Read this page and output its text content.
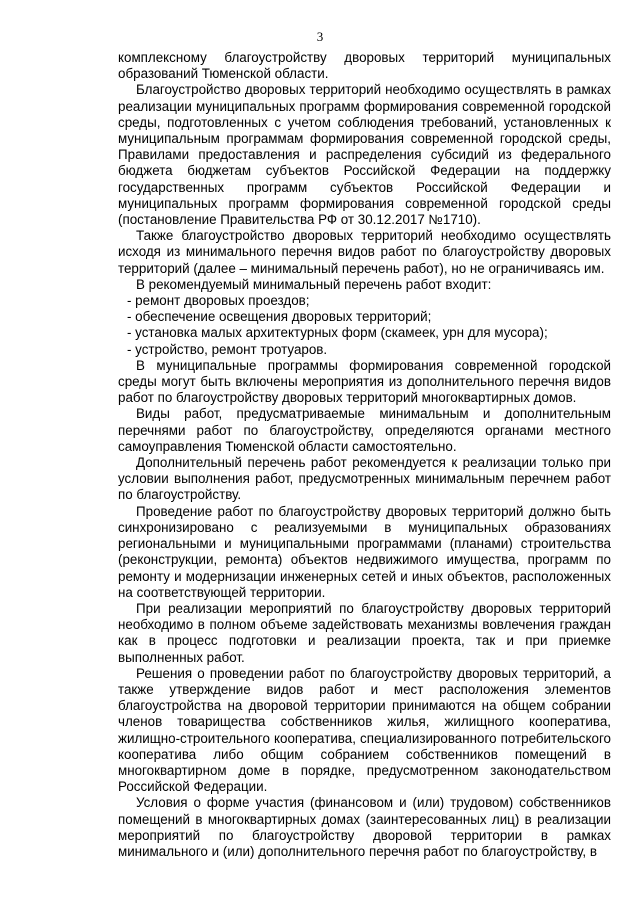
3

комплексному благоустройству дворовых территорий муниципальных образований Тюменской области.

Благоустройство дворовых территорий необходимо осуществлять в рамках реализации муниципальных программ формирования современной городской среды, подготовленных с учетом соблюдения требований, установленных к муниципальным программам формирования современной городской среды, Правилами предоставления и распределения субсидий из федерального бюджета бюджетам субъектов Российской Федерации на поддержку государственных программ субъектов Российской Федерации и муниципальных программ формирования современной городской среды (постановление Правительства РФ от 30.12.2017 №1710).

Также благоустройство дворовых территорий необходимо осуществлять исходя из минимального перечня видов работ по благоустройству дворовых территорий (далее – минимальный перечень работ), но не ограничиваясь им.

В рекомендуемый минимальный перечень работ входит:

- ремонт дворовых проездов;

- обеспечение освещения дворовых территорий;

- установка малых архитектурных форм (скамеек, урн для мусора);

- устройство, ремонт тротуаров.

В муниципальные программы формирования современной городской среды могут быть включены мероприятия из дополнительного перечня видов работ по благоустройству дворовых территорий многоквартирных домов.

Виды работ, предусматриваемые минимальным и дополнительным перечнями работ по благоустройству, определяются органами местного самоуправления Тюменской области самостоятельно.

Дополнительный перечень работ рекомендуется к реализации только при условии выполнения работ, предусмотренных минимальным перечнем работ по благоустройству.

Проведение работ по благоустройству дворовых территорий должно быть синхронизировано с реализуемыми в муниципальных образованиях региональными и муниципальными программами (планами) строительства (реконструкции, ремонта) объектов недвижимого имущества, программ по ремонту и модернизации инженерных сетей и иных объектов, расположенных на соответствующей территории.

При реализации мероприятий по благоустройству дворовых территорий необходимо в полном объеме задействовать механизмы вовлечения граждан как в процесс подготовки и реализации проекта, так и при приемке выполненных работ.

Решения о проведении работ по благоустройству дворовых территорий, а также утверждение видов работ и мест расположения элементов благоустройства на дворовой территории принимаются на общем собрании членов товарищества собственников жилья, жилищного кооператива, жилищно-строительного кооператива, специализированного потребительского кооператива либо общим собранием собственников помещений в многоквартирном доме в порядке, предусмотренном законодательством Российской Федерации.

Условия о форме участия (финансовом и (или) трудовом) собственников помещений в многоквартирных домах (заинтересованных лиц) в реализации мероприятий по благоустройству дворовой территории в рамках минимального и (или) дополнительного перечня работ по благоустройству, в
